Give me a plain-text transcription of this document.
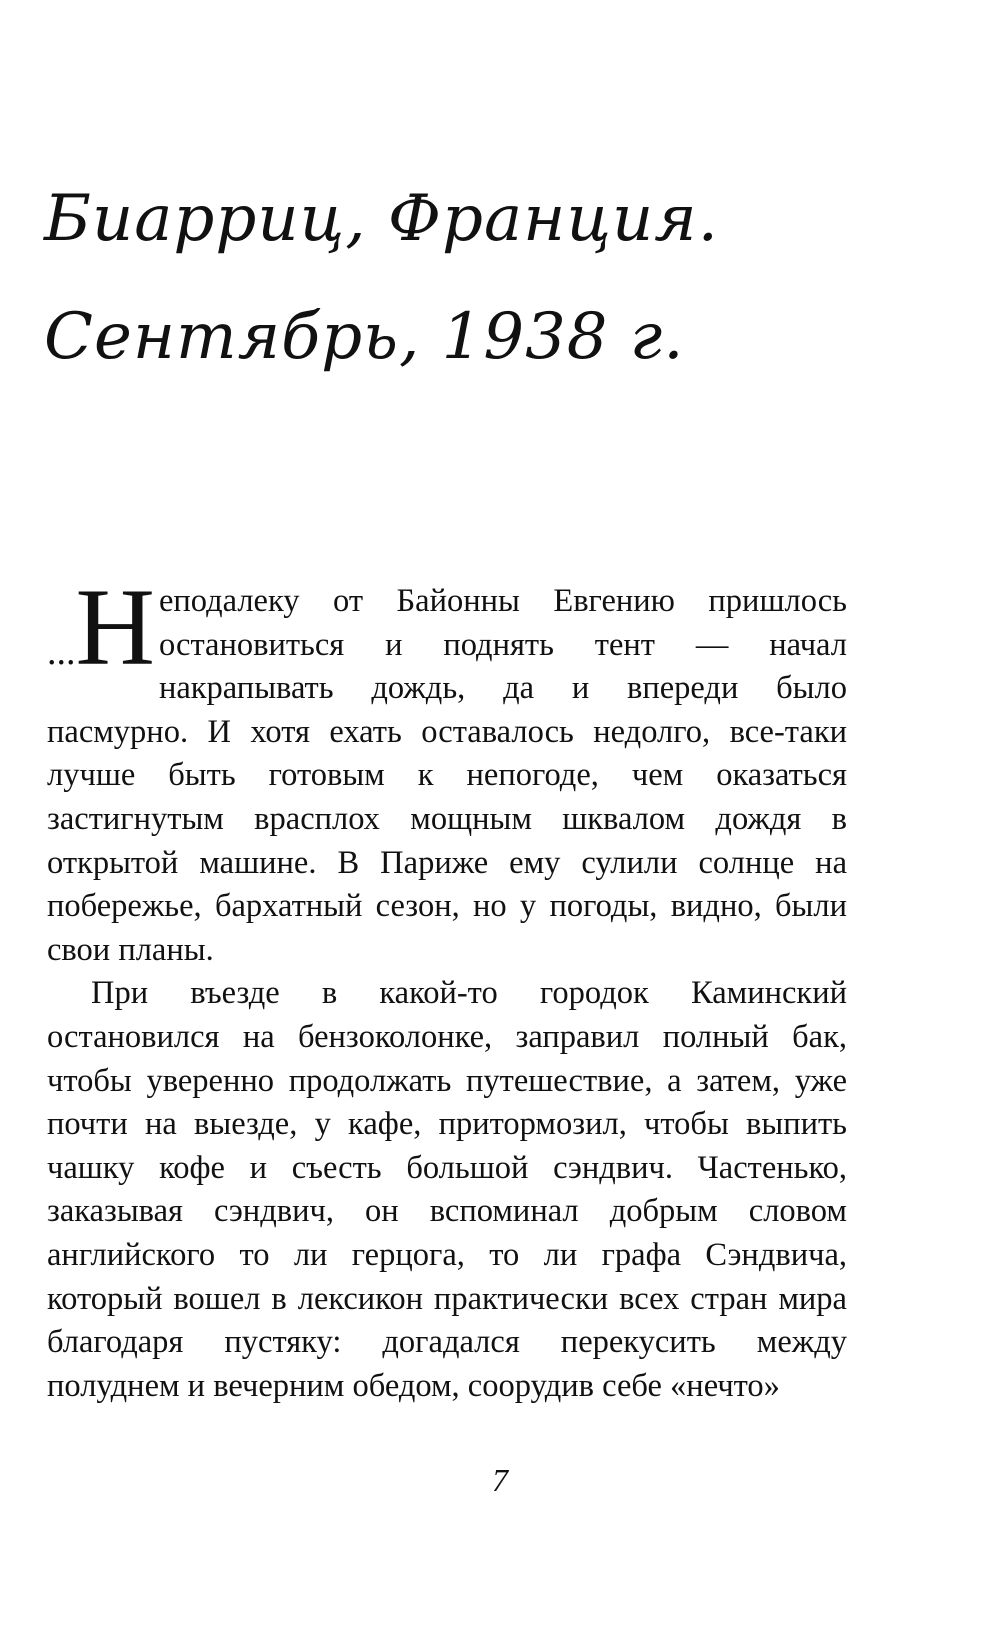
Биарриц, Франция.
Сентябрь, 1938 г.

...Н еподалеку от Байонны Евгению пришлось остановиться и поднять тент — начал накрапывать дождь, да и впереди было пасмурно. И хотя ехать оставалось недолго, все-таки лучше быть готовым к непогоде, чем оказаться застигнутым врасплох мощным шквалом дождя в открытой машине. В Париже ему сулили солнце на побережье, бархатный сезон, но у погоды, видно, были свои планы.

При въезде в какой-то городок Каминский остановился на бензоколонке, заправил полный бак, чтобы уверенно продолжать путешествие, а затем, уже почти на выезде, у кафе, притормозил, чтобы выпить чашку кофе и съесть большой сэндвич. Частенько, заказывая сэндвич, он вспоминал добрым словом английского то ли герцога, то ли графа Сэндвича, который вошел в лексикон практически всех стран мира благодаря пустяку: догадался перекусить между полуднем и вечерним обедом, соорудив себе «нечто»

7
